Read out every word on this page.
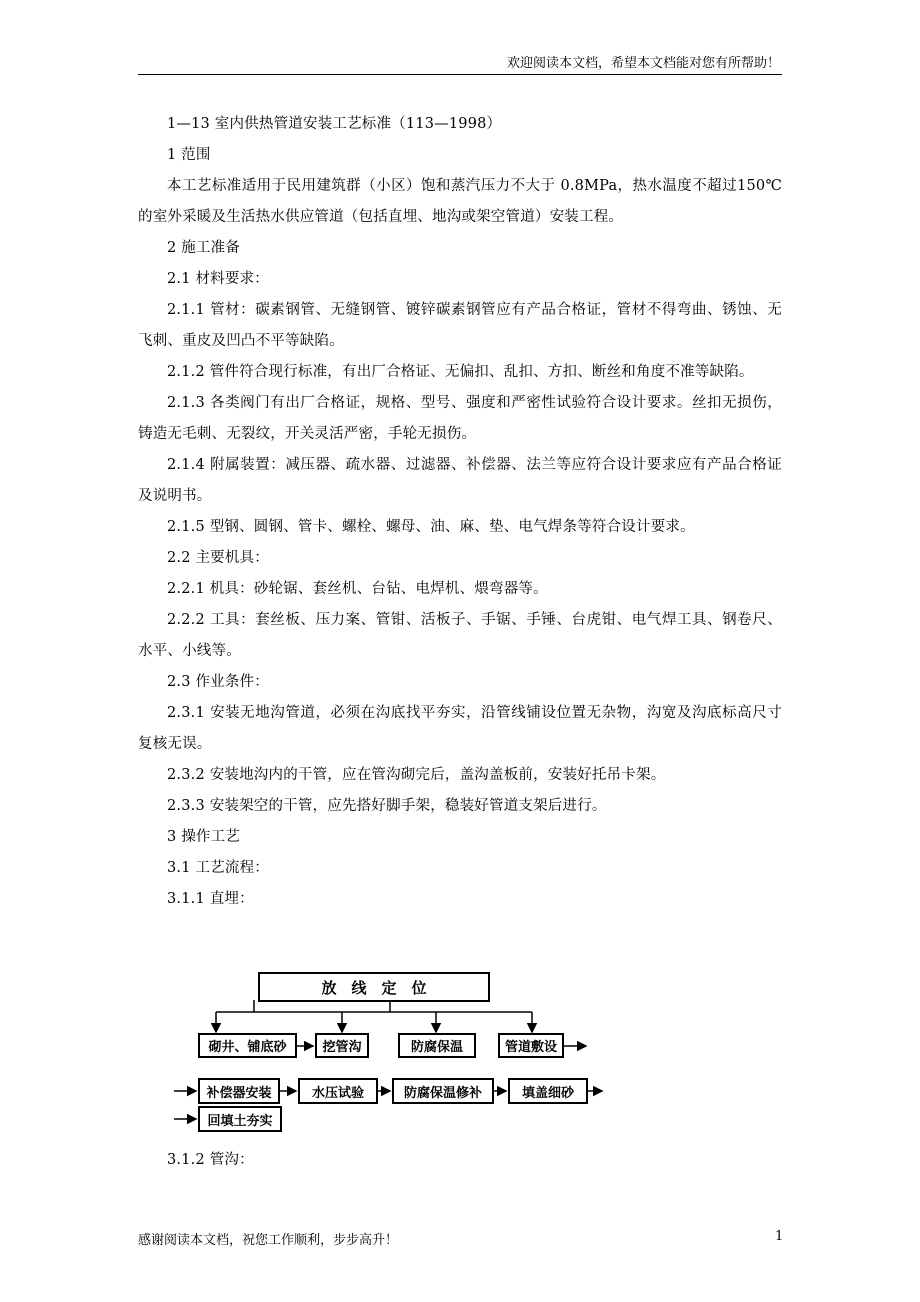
欢迎阅读本文档，希望本文档能对您有所帮助！

1—13 室内供热管道安装工艺标准（113—1998）

1 范围

本工艺标准适用于民用建筑群（小区）饱和蒸汽压力不大于 0.8MPa，热水温度不超过150℃的室外采暖及生活热水供应管道（包括直埋、地沟或架空管道）安装工程。

2 施工准备

2.1 材料要求：

2.1.1 管材：碳素钢管、无缝钢管、镀锌碳素钢管应有产品合格证，管材不得弯曲、锈蚀、无飞刺、重皮及凹凸不平等缺陷。

2.1.2 管件符合现行标准，有出厂合格证、无偏扣、乱扣、方扣、断丝和角度不准等缺陷。

2.1.3 各类阀门有出厂合格证，规格、型号、强度和严密性试验符合设计要求。丝扣无损伤，铸造无毛刺、无裂纹，开关灵活严密，手轮无损伤。

2.1.4 附属装置：减压器、疏水器、过滤器、补偿器、法兰等应符合设计要求应有产品合格证及说明书。

2.1.5 型钢、圆钢、管卡、螺栓、螺母、油、麻、垫、电气焊条等符合设计要求。

2.2 主要机具：

2.2.1 机具：砂轮锯、套丝机、台钻、电焊机、煨弯器等。

2.2.2 工具：套丝板、压力案、管钳、活板子、手锯、手锤、台虎钳、电气焊工具、钢卷尺、水平、小线等。

2.3 作业条件：

2.3.1 安装无地沟管道，必须在沟底找平夯实，沿管线铺设位置无杂物，沟宽及沟底标高尺寸复核无误。

2.3.2 安装地沟内的干管，应在管沟砌完后，盖沟盖板前，安装好托吊卡架。

2.3.3 安装架空的干管，应先搭好脚手架，稳装好管道支架后进行。

3 操作工艺

3.1 工艺流程：

3.1.1 直埋：

放　线　定　位
砌井、铺底砂	挖管沟	防腐保温	管道敷设
补偿器安装	水压试验	防腐保温修补	填盖细砂
回填土夯实

3.1.2 管沟：

感谢阅读本文档，祝您工作顺利，步步高升！	1
